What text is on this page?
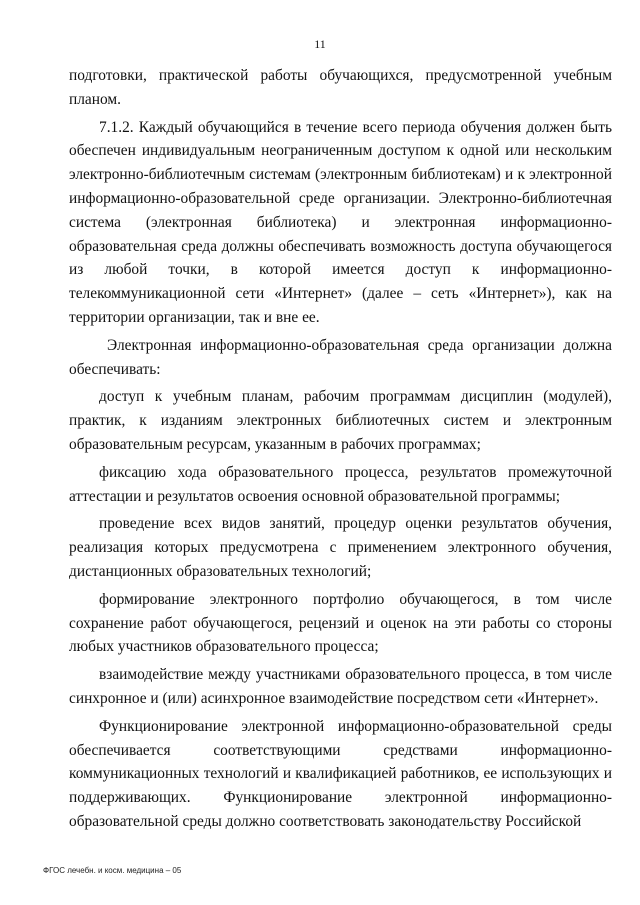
11

подготовки, практической работы обучающихся, предусмотренной учебным планом.

7.1.2. Каждый обучающийся в течение всего периода обучения должен быть обеспечен индивидуальным неограниченным доступом к одной или нескольким электронно-библиотечным системам (электронным библиотекам) и к электронной информационно-образовательной среде организации. Электронно-библиотечная система (электронная библиотека) и электронная информационно-образовательная среда должны обеспечивать возможность доступа обучающегося из любой точки, в которой имеется доступ к информационно-телекоммуникационной сети «Интернет» (далее – сеть «Интернет»), как на территории организации, так и вне ее.

Электронная информационно-образовательная среда организации должна обеспечивать:

доступ к учебным планам, рабочим программам дисциплин (модулей), практик, к изданиям электронных библиотечных систем и электронным образовательным ресурсам, указанным в рабочих программах;

фиксацию хода образовательного процесса, результатов промежуточной аттестации и результатов освоения основной образовательной программы;

проведение всех видов занятий, процедур оценки результатов обучения, реализация которых предусмотрена с применением электронного обучения, дистанционных образовательных технологий;

формирование электронного портфолио обучающегося, в том числе сохранение работ обучающегося, рецензий и оценок на эти работы со стороны любых участников образовательного процесса;

взаимодействие между участниками образовательного процесса, в том числе синхронное и (или) асинхронное взаимодействие посредством сети «Интернет».

Функционирование электронной информационно-образовательной среды обеспечивается соответствующими средствами информационно-коммуникационных технологий и квалификацией работников, ее использующих и поддерживающих. Функционирование электронной информационно-образовательной среды должно соответствовать законодательству Российской

ФГОС лечебн. и косм. медицина – 05
